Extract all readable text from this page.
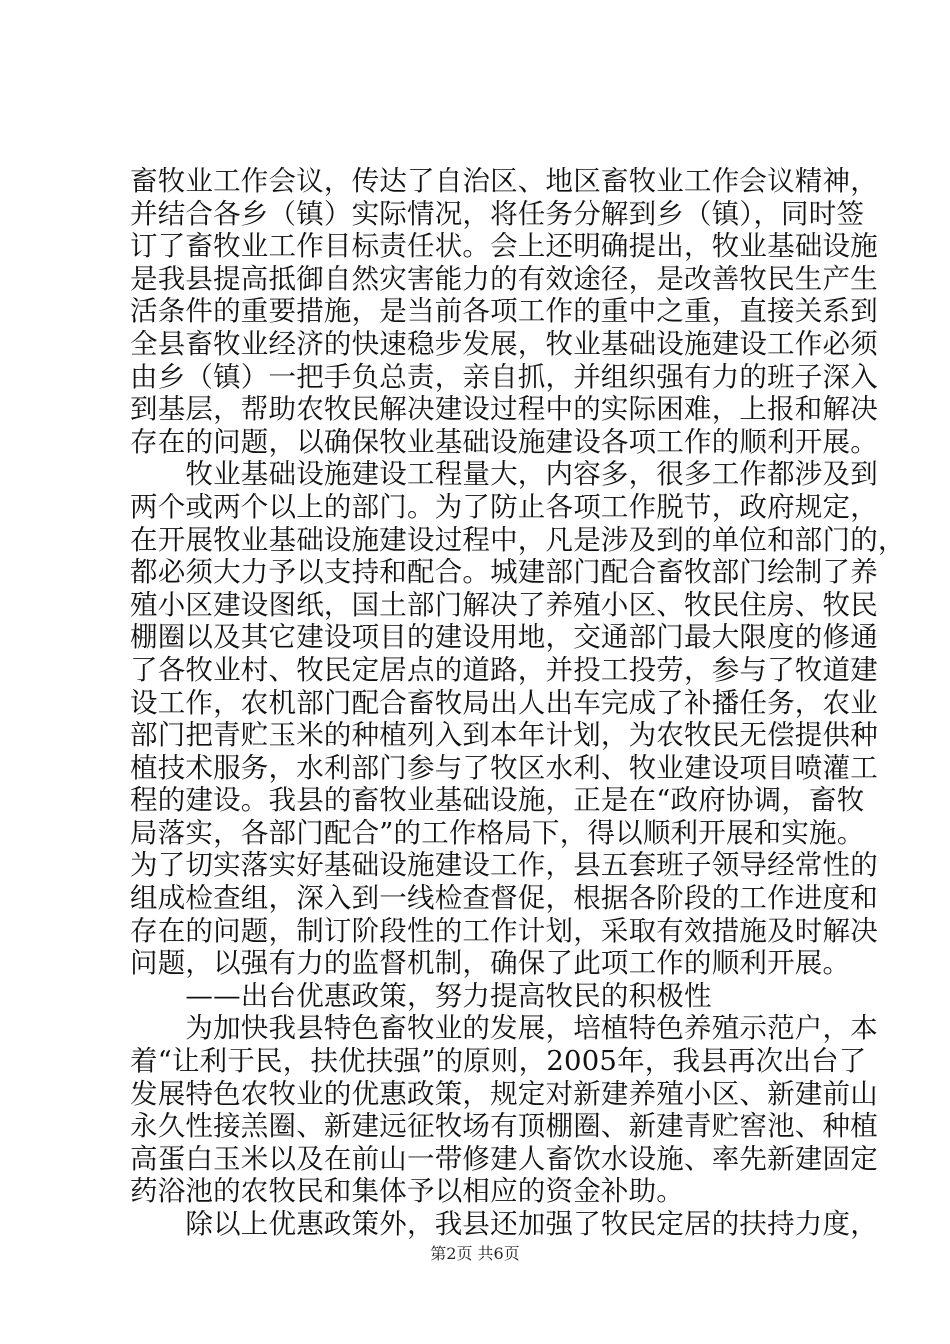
畜牧业工作会议，传达了自治区、地区畜牧业工作会议精神，
并结合各乡（镇）实际情况，将任务分解到乡（镇），同时签
订了畜牧业工作目标责任状。会上还明确提出，牧业基础设施
是我县提高抵御自然灾害能力的有效途径，是改善牧民生产生
活条件的重要措施，是当前各项工作的重中之重，直接关系到
全县畜牧业经济的快速稳步发展，牧业基础设施建设工作必须
由乡（镇）一把手负总责，亲自抓，并组织强有力的班子深入
到基层，帮助农牧民解决建设过程中的实际困难，上报和解决
存在的问题，以确保牧业基础设施建设各项工作的顺利开展。
　　牧业基础设施建设工程量大，内容多，很多工作都涉及到
两个或两个以上的部门。为了防止各项工作脱节，政府规定，
在开展牧业基础设施建设过程中，凡是涉及到的单位和部门的，
都必须大力予以支持和配合。城建部门配合畜牧部门绘制了养
殖小区建设图纸，国土部门解决了养殖小区、牧民住房、牧民
棚圈以及其它建设项目的建设用地，交通部门最大限度的修通
了各牧业村、牧民定居点的道路，并投工投劳，参与了牧道建
设工作，农机部门配合畜牧局出人出车完成了补播任务，农业
部门把青贮玉米的种植列入到本年计划，为农牧民无偿提供种
植技术服务，水利部门参与了牧区水利、牧业建设项目喷灌工
程的建设。我县的畜牧业基础设施，正是在“政府协调，畜牧
局落实，各部门配合”的工作格局下，得以顺利开展和实施。
为了切实落实好基础设施建设工作，县五套班子领导经常性的
组成检查组，深入到一线检查督促，根据各阶段的工作进度和
存在的问题，制订阶段性的工作计划，采取有效措施及时解决
问题，以强有力的监督机制，确保了此项工作的顺利开展。
　　——出台优惠政策，努力提高牧民的积极性
　　为加快我县特色畜牧业的发展，培植特色养殖示范户，本
着“让利于民，扶优扶强”的原则，2005年，我县再次出台了
发展特色农牧业的优惠政策，规定对新建养殖小区、新建前山
永久性接羔圈、新建远征牧场有顶棚圈、新建青贮窖池、种植
高蛋白玉米以及在前山一带修建人畜饮水设施、率先新建固定
药浴池的农牧民和集体予以相应的资金补助。
　　除以上优惠政策外，我县还加强了牧民定居的扶持力度，
第2页 共6页
